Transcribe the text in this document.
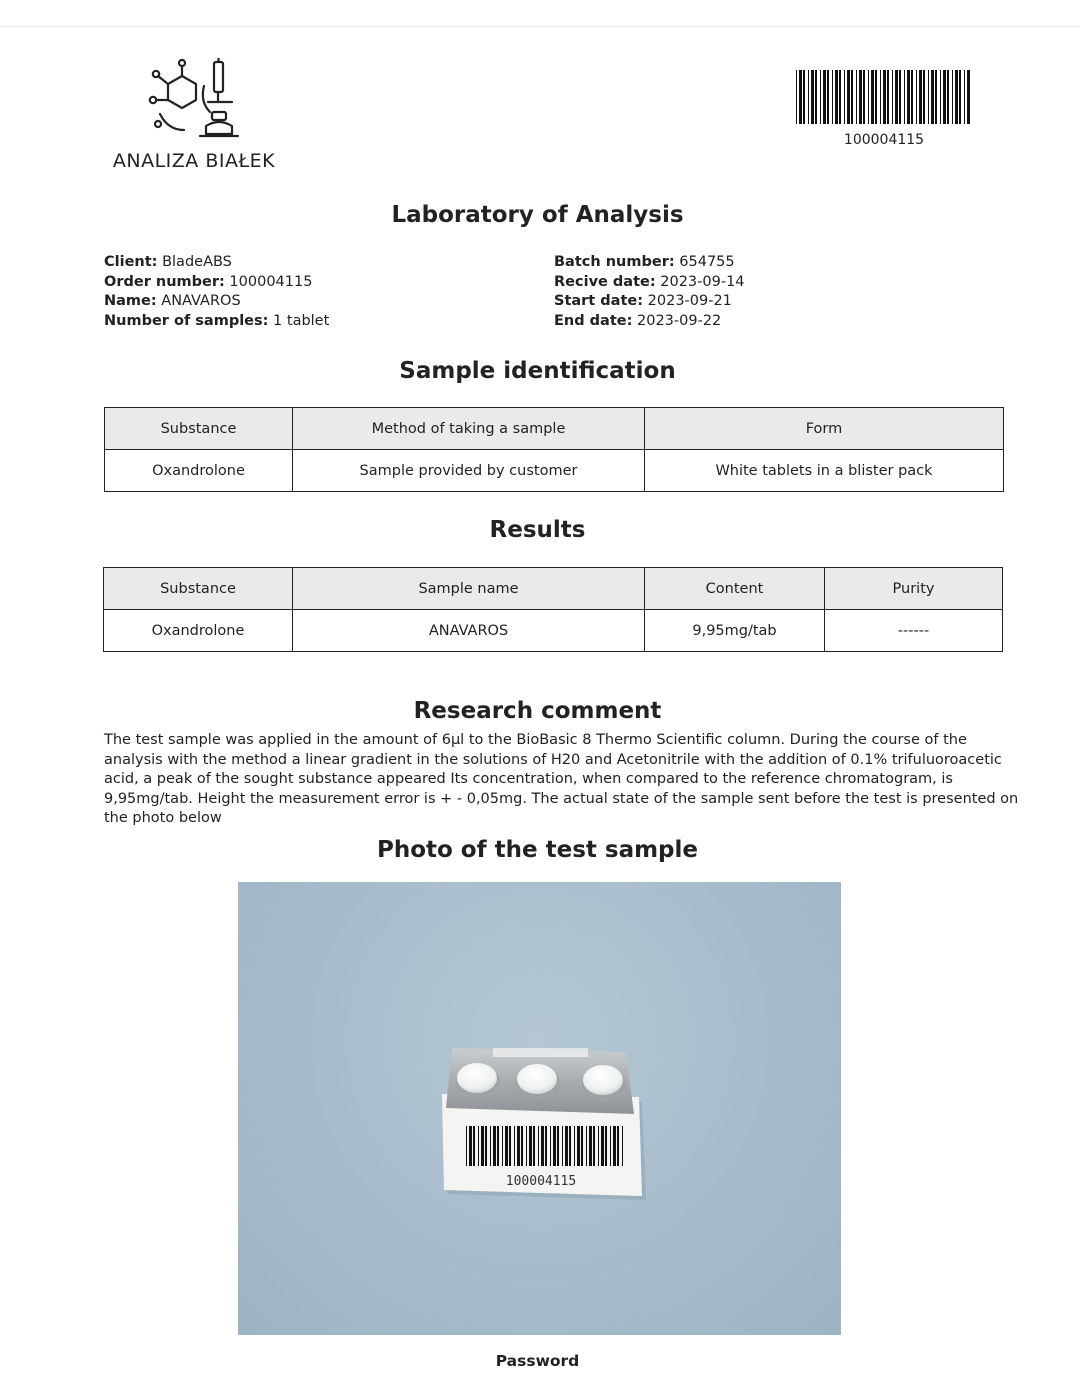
ANALIZA BIAŁEK
100004115
Laboratory of Analysis
Client: BladeABS
Order number: 100004115
Name: ANAVAROS
Number of samples: 1 tablet
Batch number: 654755
Recive date: 2023-09-14
Start date: 2023-09-21
End date: 2023-09-22
Sample identification
Substance	Method of taking a sample	Form
Oxandrolone	Sample provided by customer	White tablets in a blister pack
Results
Substance	Sample name	Content	Purity
Oxandrolone	ANAVAROS	9,95mg/tab	------
Research comment
The test sample was applied in the amount of 6µl to the BioBasic 8 Thermo Scientific column. During the course of the analysis with the method a linear gradient in the solutions of H20 and Acetonitrile with the addition of 0.1% trifuluoroacetic acid, a peak of the sought substance appeared Its concentration, when compared to the reference chromatogram, is 9,95mg/tab. Height the measurement error is + - 0,05mg. The actual state of the sample sent before the test is presented on the photo below
Photo of the test sample
100004115
Password
